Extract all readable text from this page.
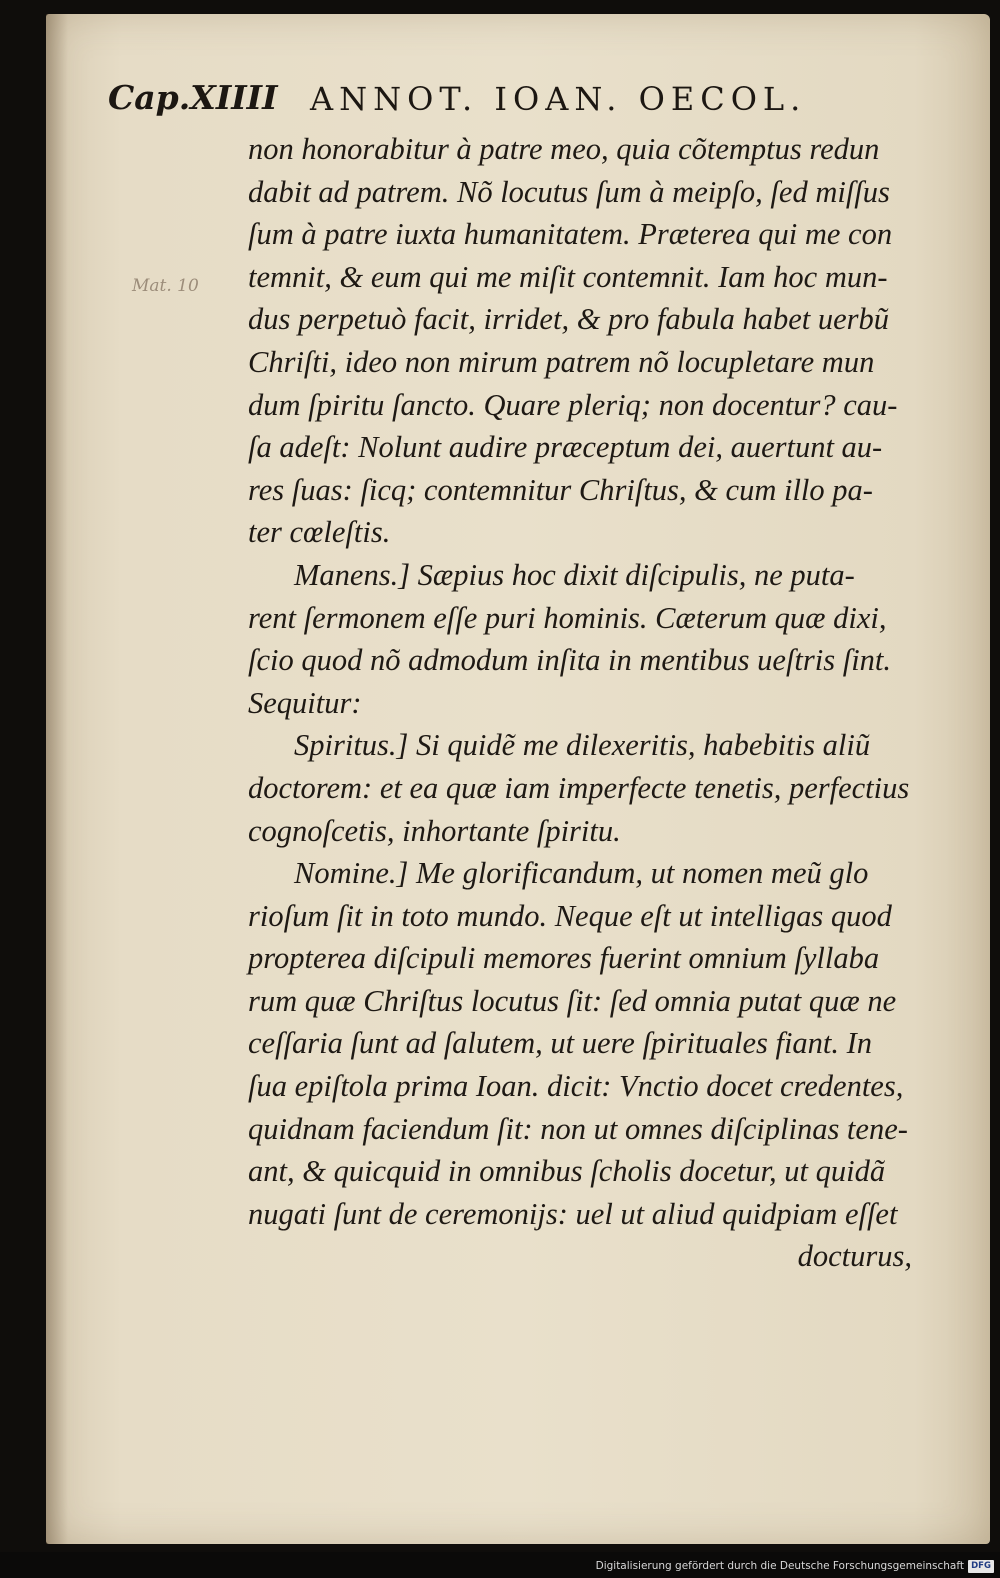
Cap.XIIII ANNOT. IOAN. OECOL.
Mat. 10
non honorabitur à patre meo, quia cõtemptus redun
dabit ad patrem. Nõ locutus ſum à meipſo, ſed miſſus
ſum à patre iuxta humanitatem. Præterea qui me con
temnit, & eum qui me miſit contemnit. Iam hoc mun-
dus perpetuò facit, irridet, & pro fabula habet uerbũ
Chriſti, ideo non mirum patrem nõ locupletare mun
dum ſpiritu ſancto. Quare pleriq; non docentur? cau-
ſa adeſt: Nolunt audire præceptum dei, auertunt au-
res ſuas: ſicq; contemnitur Chriſtus, & cum illo pa-
ter cœleſtis.
Manens.] Sæpius hoc dixit diſcipulis, ne puta-
rent ſermonem eſſe puri hominis. Cæterum quæ dixi,
ſcio quod nõ admodum inſita in mentibus ueſtris ſint.
Sequitur:
Spiritus.] Si quidẽ me dilexeritis, habebitis aliũ
doctorem: et ea quæ iam imperfecte tenetis, perfectius
cognoſcetis, inhortante ſpiritu.
Nomine.] Me glorificandum, ut nomen meũ glo
rioſum ſit in toto mundo. Neque eſt ut intelligas quod
propterea diſcipuli memores fuerint omnium ſyllaba
rum quæ Chriſtus locutus ſit: ſed omnia putat quæ ne
ceſſaria ſunt ad ſalutem, ut uere ſpirituales fiant. In
ſua epiſtola prima Ioan. dicit: Vnctio docet credentes,
quidnam faciendum ſit: non ut omnes diſciplinas tene-
ant, & quicquid in omnibus ſcholis docetur, ut quidã
nugati ſunt de ceremonijs: uel ut aliud quidpiam eſſet
docturus,
Digitalisierung gefördert durch die Deutsche Forschungsgemeinschaft DFG
